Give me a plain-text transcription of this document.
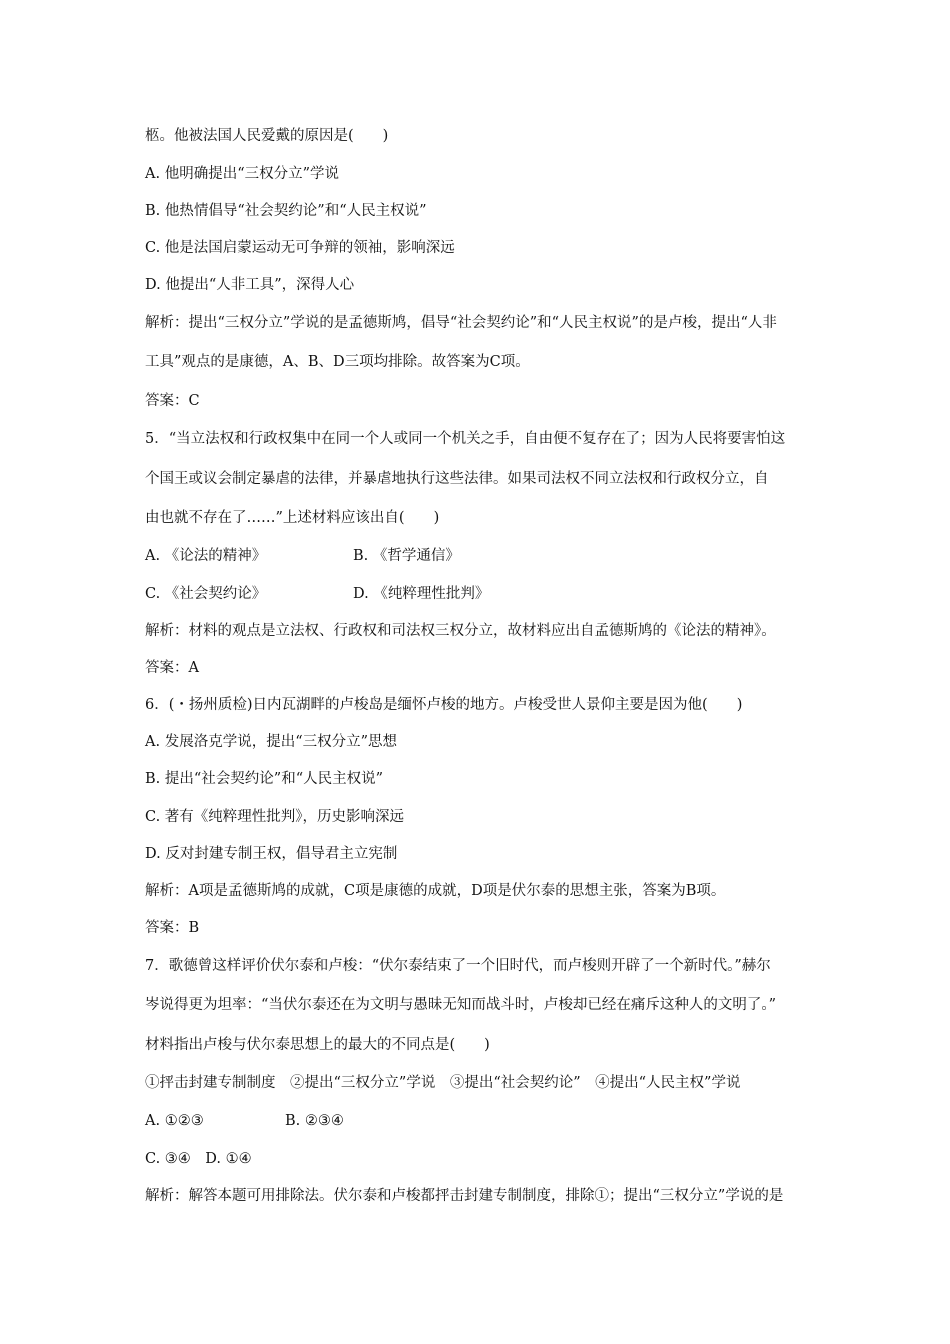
柩。他被法国人民爱戴的原因是(　　)

A. 他明确提出“三权分立”学说

B. 他热情倡导“社会契约论”和“人民主权说”

C. 他是法国启蒙运动无可争辩的领袖，影响深远

D. 他提出“人非工具”，深得人心

解析：提出“三权分立”学说的是孟德斯鸠，倡导“社会契约论”和“人民主权说”的是卢梭，提出“人非

工具”观点的是康德，A、B、D三项均排除。故答案为C项。

答案：C

5．“当立法权和行政权集中在同一个人或同一个机关之手，自由便不复存在了；因为人民将要害怕这

个国王或议会制定暴虐的法律，并暴虐地执行这些法律。如果司法权不同立法权和行政权分立，自

由也就不存在了……”上述材料应该出自(　　)

A. 《论法的精神》	B. 《哲学通信》

C. 《社会契约论》	D. 《纯粹理性批判》

解析：材料的观点是立法权、行政权和司法权三权分立，故材料应出自孟德斯鸠的《论法的精神》。

答案：A

6．(・扬州质检)日内瓦湖畔的卢梭岛是缅怀卢梭的地方。卢梭受世人景仰主要是因为他(　　)

A. 发展洛克学说，提出“三权分立”思想

B. 提出“社会契约论”和“人民主权说”

C. 著有《纯粹理性批判》，历史影响深远

D. 反对封建专制王权，倡导君主立宪制

解析：A项是孟德斯鸠的成就，C项是康德的成就，D项是伏尔泰的思想主张，答案为B项。

答案：B

7．歌德曾这样评价伏尔泰和卢梭：“伏尔泰结束了一个旧时代，而卢梭则开辟了一个新时代。”赫尔

岑说得更为坦率：“当伏尔泰还在为文明与愚昧无知而战斗时，卢梭却已经在痛斥这种人的文明了。”

材料指出卢梭与伏尔泰思想上的最大的不同点是(　　)

①抨击封建专制制度　②提出“三权分立”学说　③提出“社会契约论”　④提出“人民主权”学说

A. ①②③	B. ②③④

C. ③④　D. ①④

解析：解答本题可用排除法。伏尔泰和卢梭都抨击封建专制制度，排除①；提出“三权分立”学说的是
